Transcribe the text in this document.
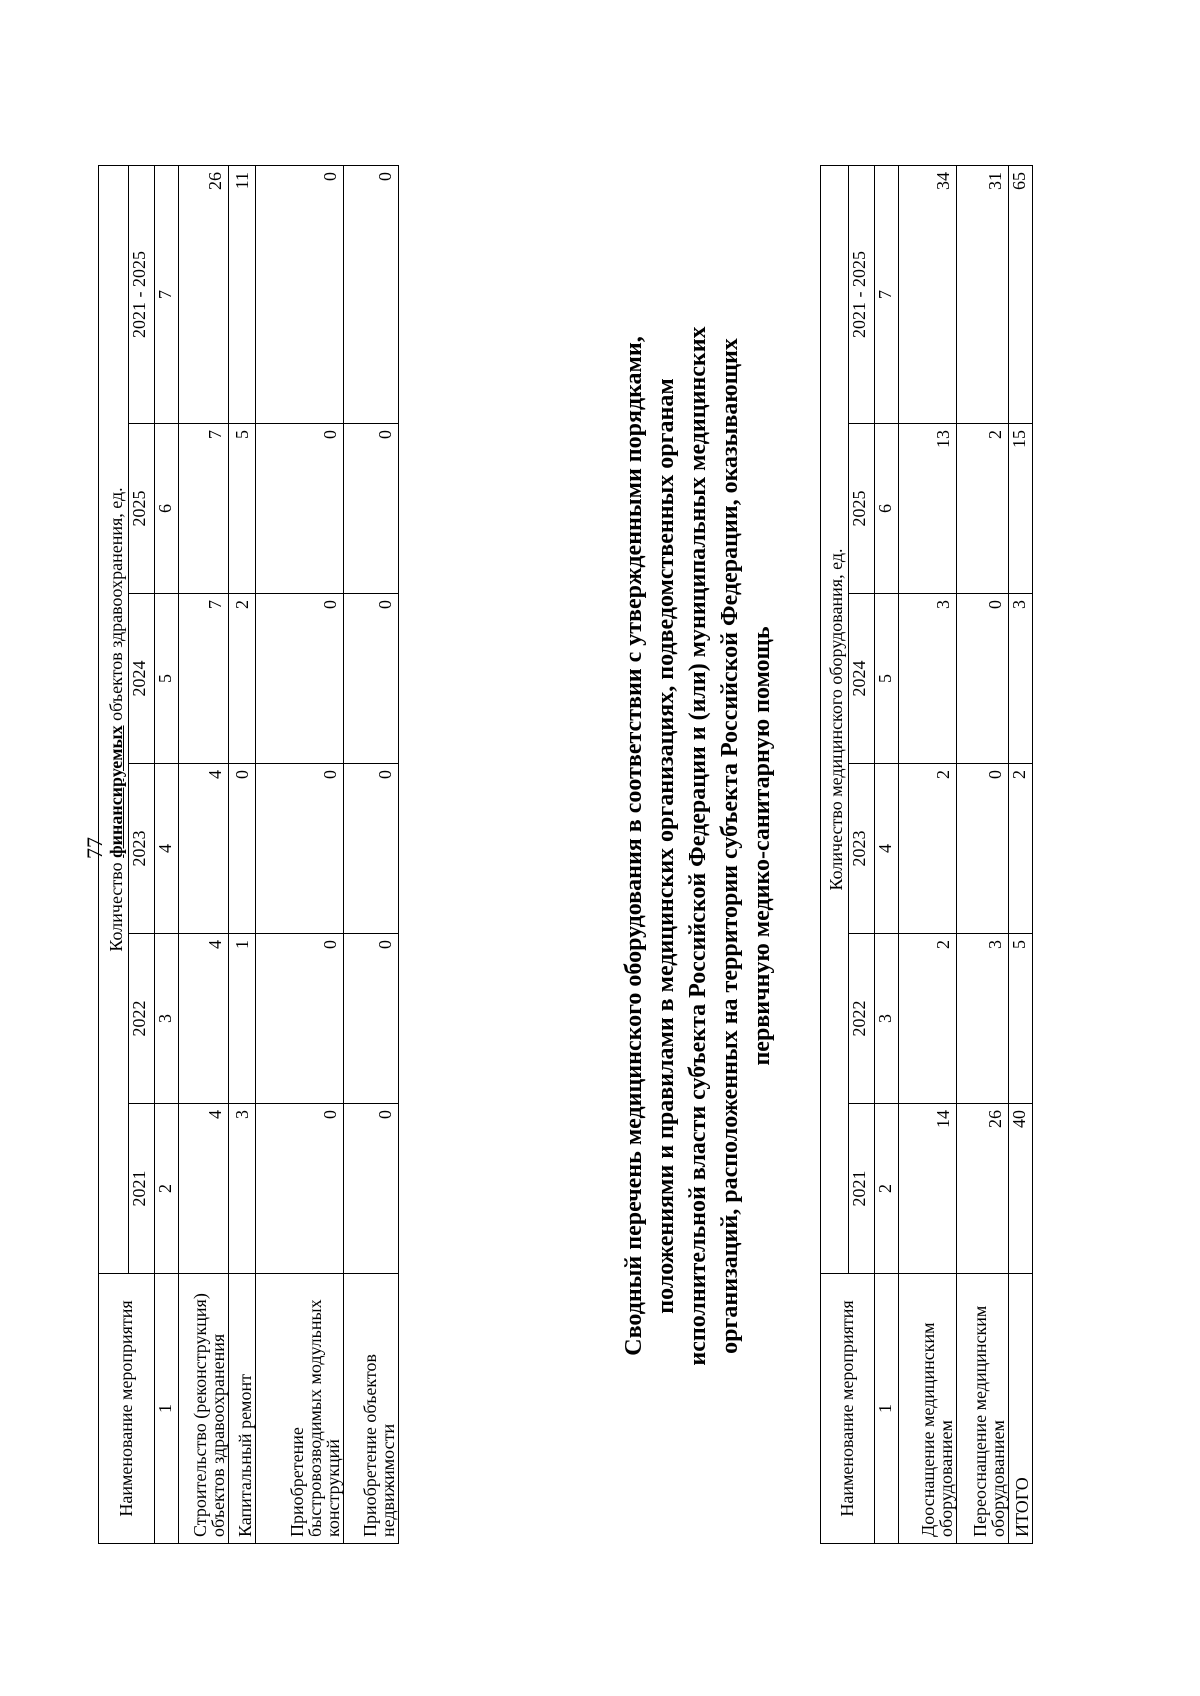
77
Наименование мероприятия	Количество финансируемых объектов здравоохранения, ед.					
	2021	2022	2023	2024	2025	2021 - 2025
1	2	3	4	5	6	7
Строительство (реконструкция) объектов здравоохранения	4	4	4	7	7	26
Капитальный ремонт	3	1	0	2	5	11
Приобретение быстровозводимых модульных конструкций	0	0	0	0	0	0
Приобретение объектов недвижимости	0	0	0	0	0	0
Сводный перечень медицинского оборудования в соответствии с утвержденными порядками, положениями и правилами в медицинских организациях, подведомственных органам исполнительной власти субъекта Российской Федерации и (или) муниципальных медицинских организаций, расположенных на территории субъекта Российской Федерации, оказывающих первичную медико-санитарную помощь
Наименование мероприятия	Количество медицинского оборудования, ед.					
	2021	2022	2023	2024	2025	2021 - 2025
1	2	3	4	5	6	7
Дооснащение медицинским оборудованием	14	2	2	3	13	34
Переоснащение медицинским оборудованием	26	3	0	0	2	31
ИТОГО	40	5	2	3	15	65
